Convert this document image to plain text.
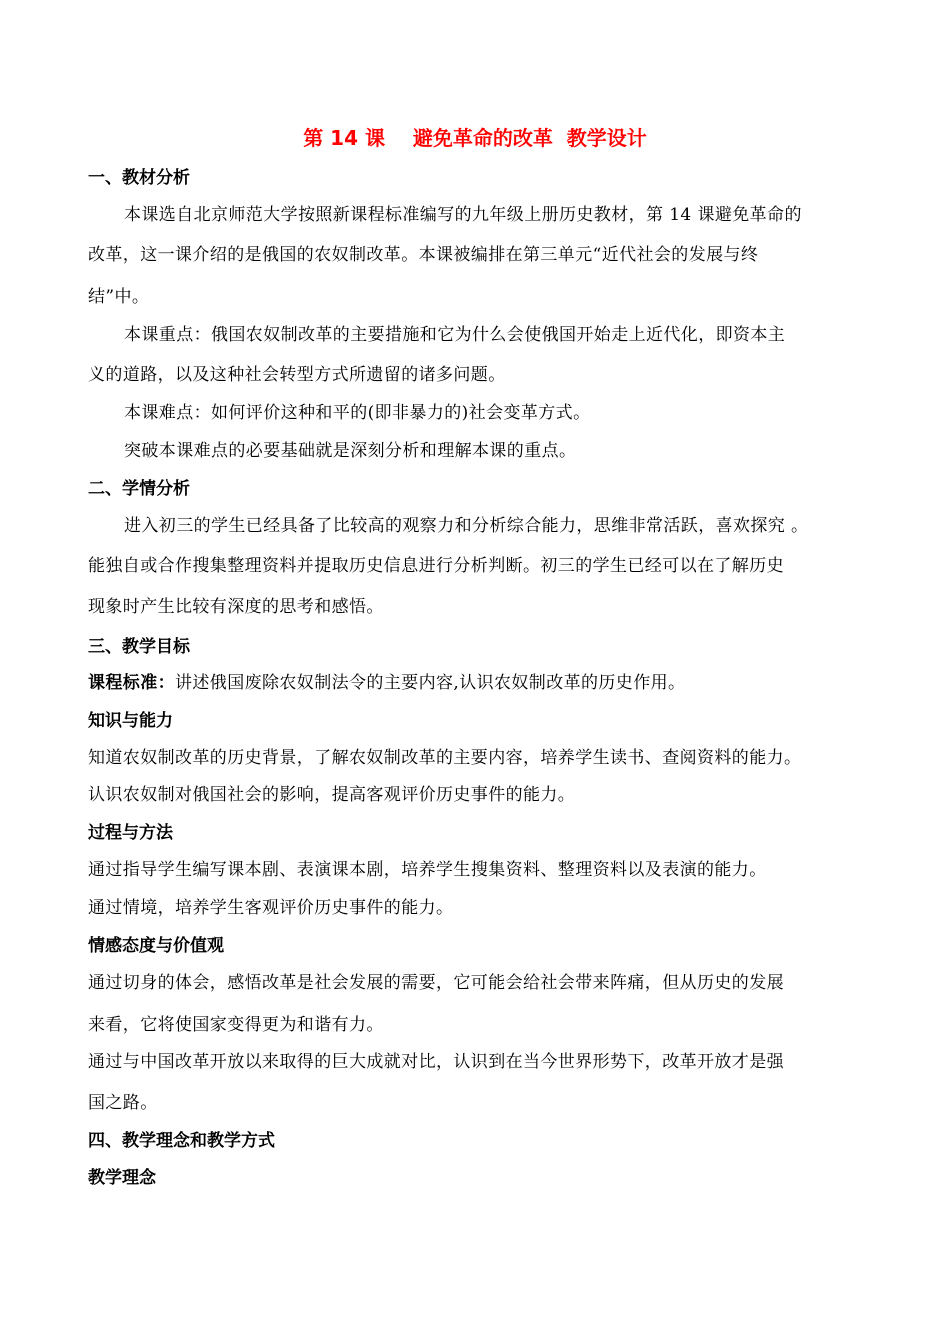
第 14 课    避免革命的改革  教学设计
一、教材分析
本课选自北京师范大学按照新课程标准编写的九年级上册历史教材，第 14 课避免革命的
改革，这一课介绍的是俄国的农奴制改革。本课被编排在第三单元“近代社会的发展与终
结”中。
本课重点：俄国农奴制改革的主要措施和它为什么会使俄国开始走上近代化，即资本主
义的道路，以及这种社会转型方式所遗留的诸多问题。
本课难点：如何评价这种和平的(即非暴力的)社会变革方式。
突破本课难点的必要基础就是深刻分析和理解本课的重点。
二、学情分析
进入初三的学生已经具备了比较高的观察力和分析综合能力，思维非常活跃，喜欢探究 。
能独自或合作搜集整理资料并提取历史信息进行分析判断。初三的学生已经可以在了解历史
现象时产生比较有深度的思考和感悟。
三、教学目标
课程标准：讲述俄国废除农奴制法令的主要内容,认识农奴制改革的历史作用。
知识与能力
知道农奴制改革的历史背景，了解农奴制改革的主要内容，培养学生读书、查阅资料的能力。
认识农奴制对俄国社会的影响，提高客观评价历史事件的能力。
过程与方法
通过指导学生编写课本剧、表演课本剧，培养学生搜集资料、整理资料以及表演的能力。
通过情境，培养学生客观评价历史事件的能力。
情感态度与价值观
通过切身的体会，感悟改革是社会发展的需要，它可能会给社会带来阵痛，但从历史的发展
来看，它将使国家变得更为和谐有力。
通过与中国改革开放以来取得的巨大成就对比，认识到在当今世界形势下，改革开放才是强
国之路。
四、教学理念和教学方式
教学理念
